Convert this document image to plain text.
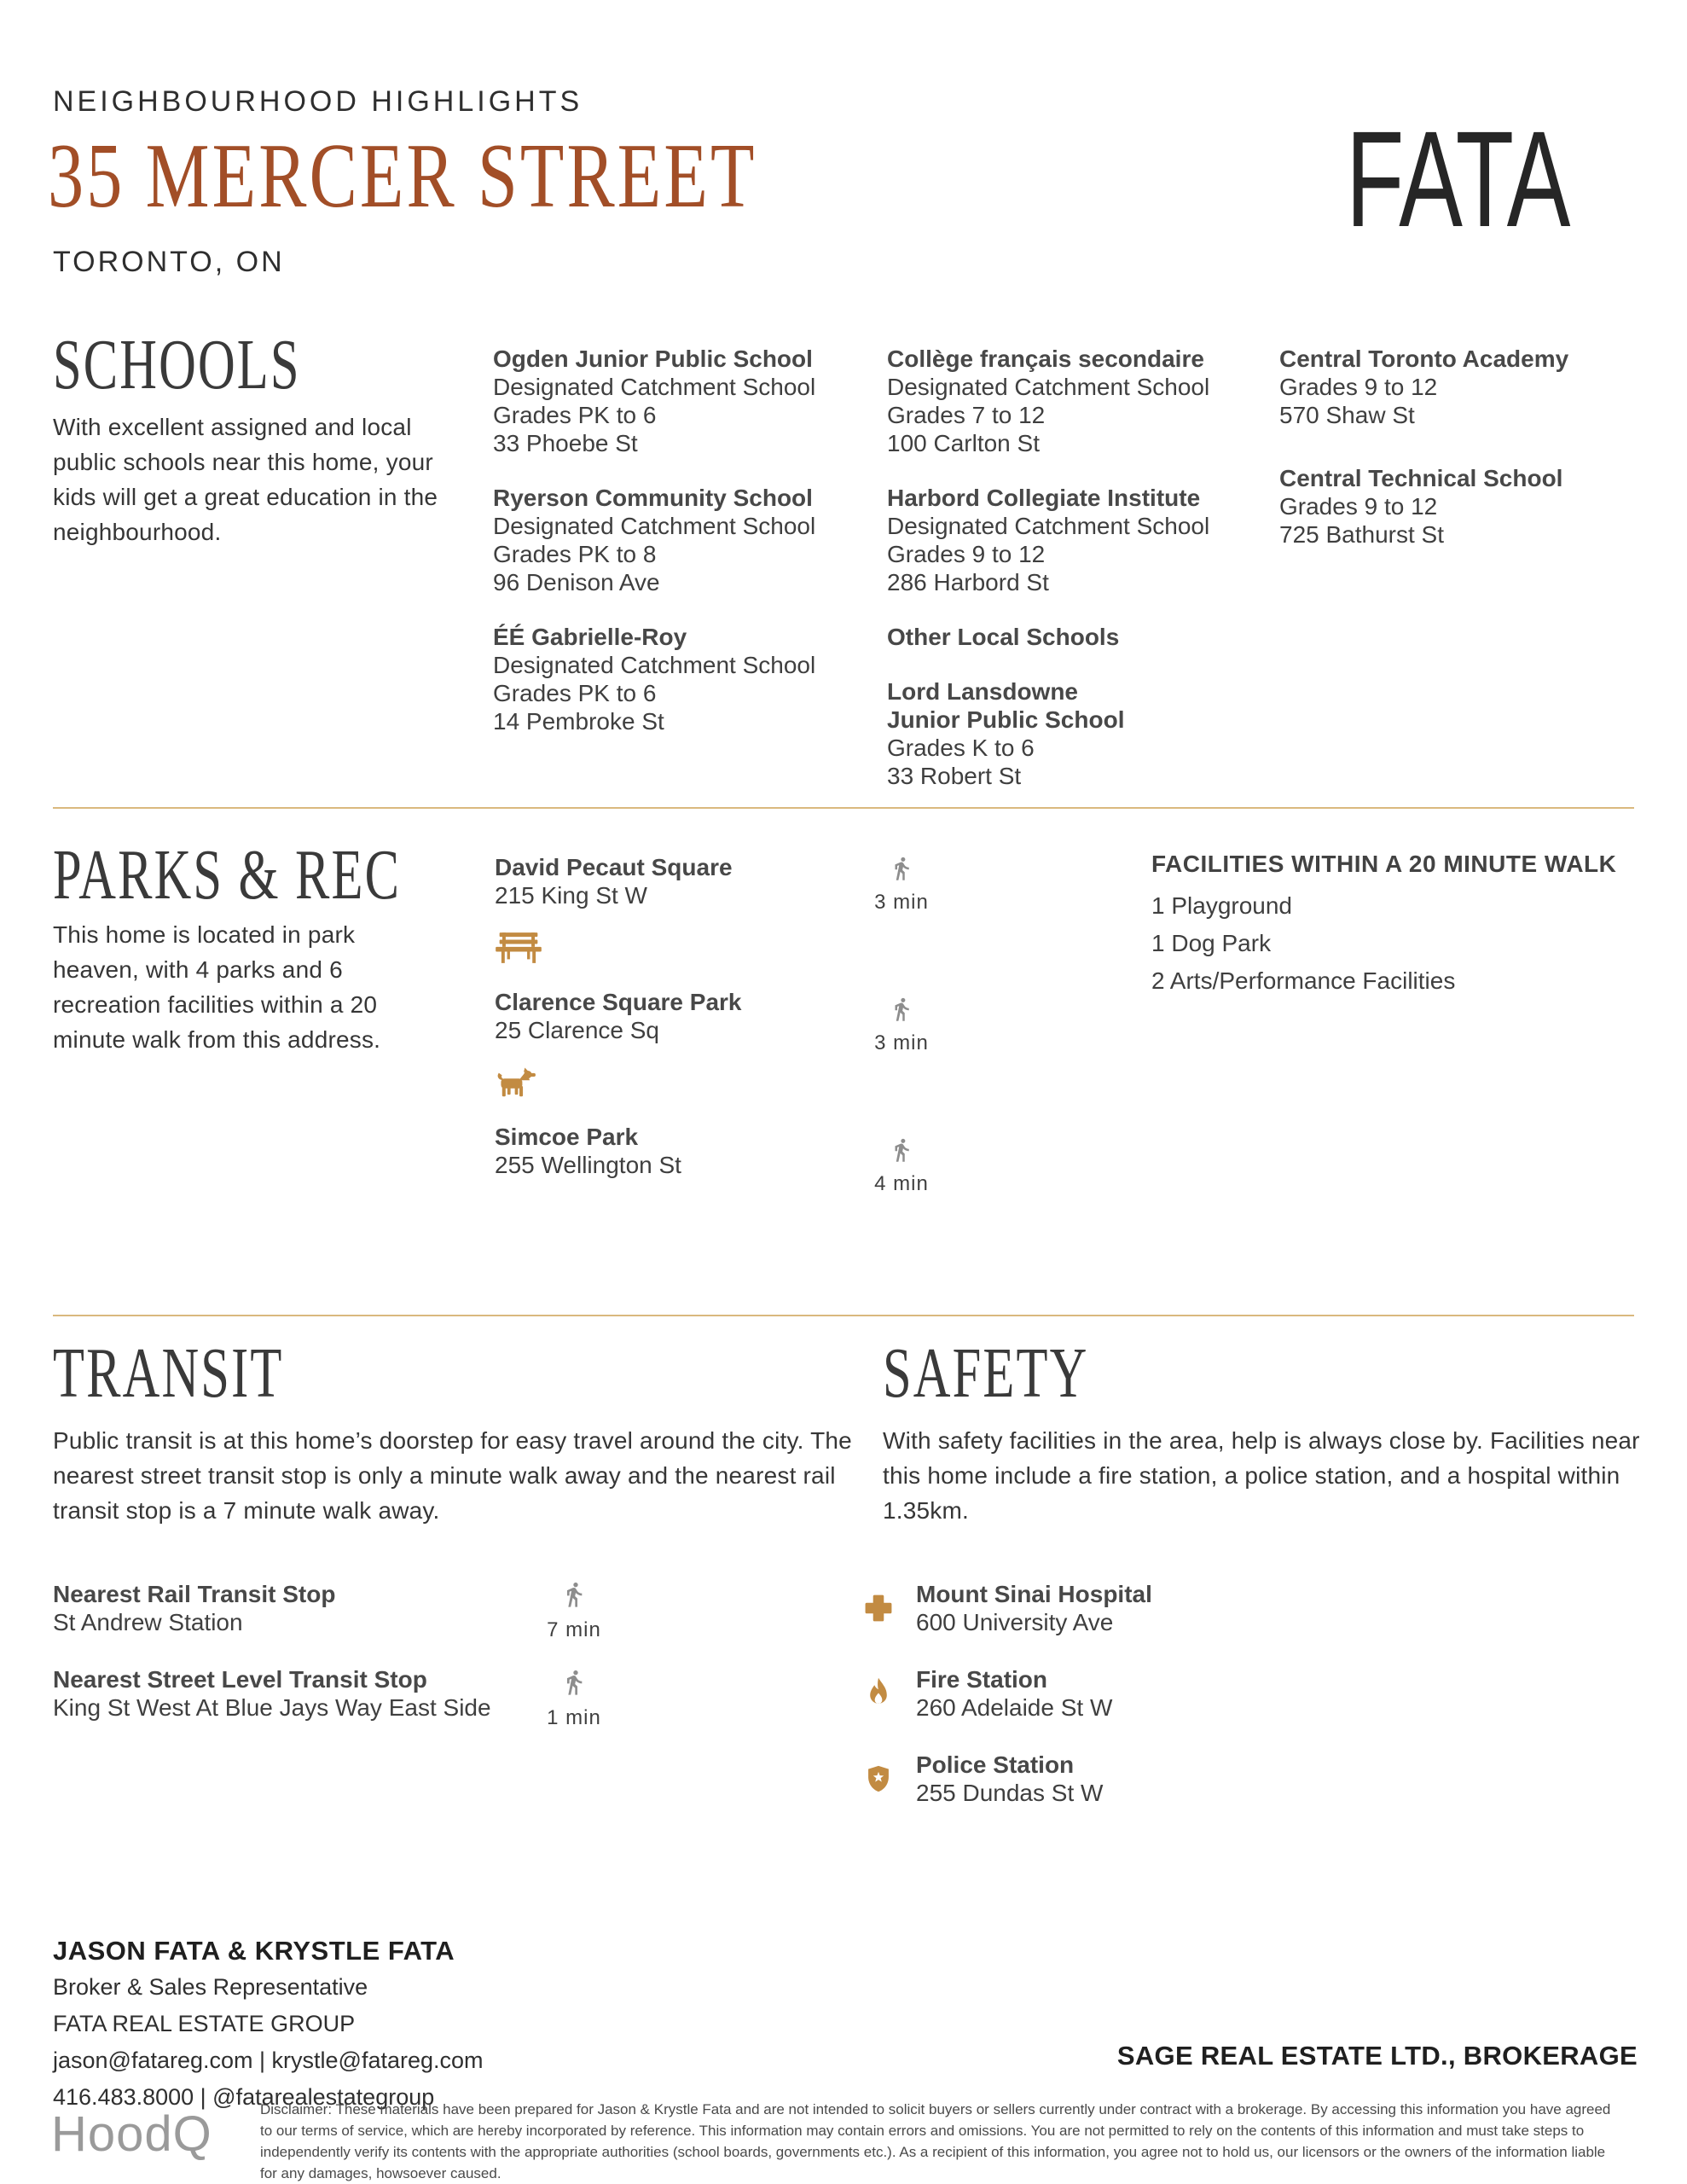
NEIGHBOURHOOD HIGHLIGHTS
35 MERCER STREET
TORONTO, ON
FATA
SCHOOLS
With excellent assigned and local public schools near this home, your kids will get a great education in the neighbourhood.
Ogden Junior Public School
Designated Catchment School
Grades PK to 6
33 Phoebe St
Ryerson Community School
Designated Catchment School
Grades PK to 8
96 Denison Ave
ÉÉ Gabrielle-Roy
Designated Catchment School
Grades PK to 6
14 Pembroke St
Collège français secondaire
Designated Catchment School
Grades 7 to 12
100 Carlton St
Harbord Collegiate Institute
Designated Catchment School
Grades 9 to 12
286 Harbord St
Other Local Schools
Lord Lansdowne Junior Public School
Grades K to 6
33 Robert St
Central Toronto Academy
Grades 9 to 12
570 Shaw St
Central Technical School
Grades 9 to 12
725 Bathurst St
PARKS & REC
This home is located in park heaven, with 4 parks and 6 recreation facilities within a 20 minute walk from this address.
David Pecaut Square
215 King St W
Clarence Square Park
25 Clarence Sq
Simcoe Park
255 Wellington St
3 min
3 min
4 min
FACILITIES WITHIN A 20 MINUTE WALK
1 Playground
1 Dog Park
2 Arts/Performance Facilities
TRANSIT
Public transit is at this home’s doorstep for easy travel around the city. The nearest street transit stop is only a minute walk away and the nearest rail transit stop is a 7 minute walk away.
Nearest Rail Transit Stop
St Andrew Station
Nearest Street Level Transit Stop
King St West At Blue Jays Way East Side
7 min
1 min
SAFETY
With safety facilities in the area, help is always close by. Facilities near this home include a fire station, a police station, and a hospital within 1.35km.
Mount Sinai Hospital
600 University Ave
Fire Station
260 Adelaide St W
Police Station
255 Dundas St W
JASON FATA & KRYSTLE FATA
Broker & Sales Representative
FATA REAL ESTATE GROUP
jason@fatareg.com | krystle@fatareg.com
416.483.8000 | @fatarealestategroup
SAGE REAL ESTATE LTD., BROKERAGE
HoodQ	Disclaimer: These materials have been prepared for Jason & Krystle Fata and are not intended to solicit buyers or sellers currently under contract with a brokerage. By accessing this information you have agreed to our terms of service, which are hereby incorporated by reference. This information may contain errors and omissions. You are not permitted to rely on the contents of this information and must take steps to independently verify its contents with the appropriate authorities (school boards, governments etc.). As a recipient of this information, you agree not to hold us, our licensors or the owners of the information liable for any damages, howsoever caused.
